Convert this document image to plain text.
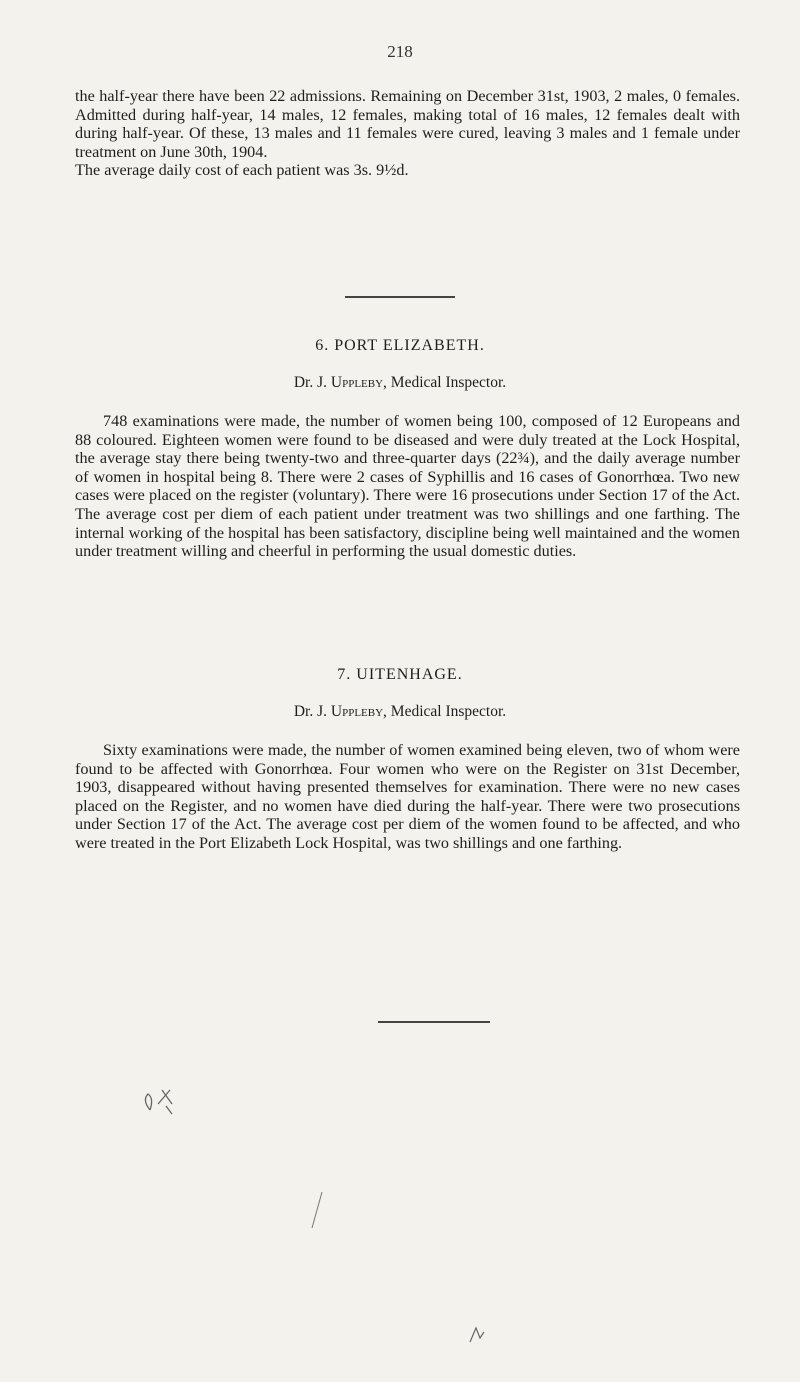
218

the half-year there have been 22 admissions. Remaining on December 31st, 1903, 2 males, 0 females. Admitted during half-year, 14 males, 12 females, making total of 16 males, 12 females dealt with during half-year. Of these, 13 males and 11 females were cured, leaving 3 males and 1 female under treatment on June 30th, 1904.

The average daily cost of each patient was 3s. 9½d.

6. PORT ELIZABETH.
Dr. J. Uppleby, Medical Inspector.

748 examinations were made, the number of women being 100, composed of 12 Europeans and 88 coloured. Eighteen women were found to be diseased and were duly treated at the Lock Hospital, the average stay there being twenty-two and three-quarter days (22¾), and the daily average number of women in hospital being 8. There were 2 cases of Syphillis and 16 cases of Gonorrhœa. Two new cases were placed on the register (voluntary). There were 16 prosecutions under Section 17 of the Act. The average cost per diem of each patient under treatment was two shillings and one farthing. The internal working of the hospital has been satisfactory, discipline being well maintained and the women under treatment willing and cheerful in performing the usual domestic duties.

7. UITENHAGE.
Dr. J. Uppleby, Medical Inspector.

Sixty examinations were made, the number of women examined being eleven, two of whom were found to be affected with Gonorrhœa. Four women who were on the Register on 31st December, 1903, disappeared without having presented themselves for examination. There were no new cases placed on the Register, and no women have died during the half-year. There were two prosecutions under Section 17 of the Act. The average cost per diem of the women found to be affected, and who were treated in the Port Elizabeth Lock Hospital, was two shillings and one farthing.
